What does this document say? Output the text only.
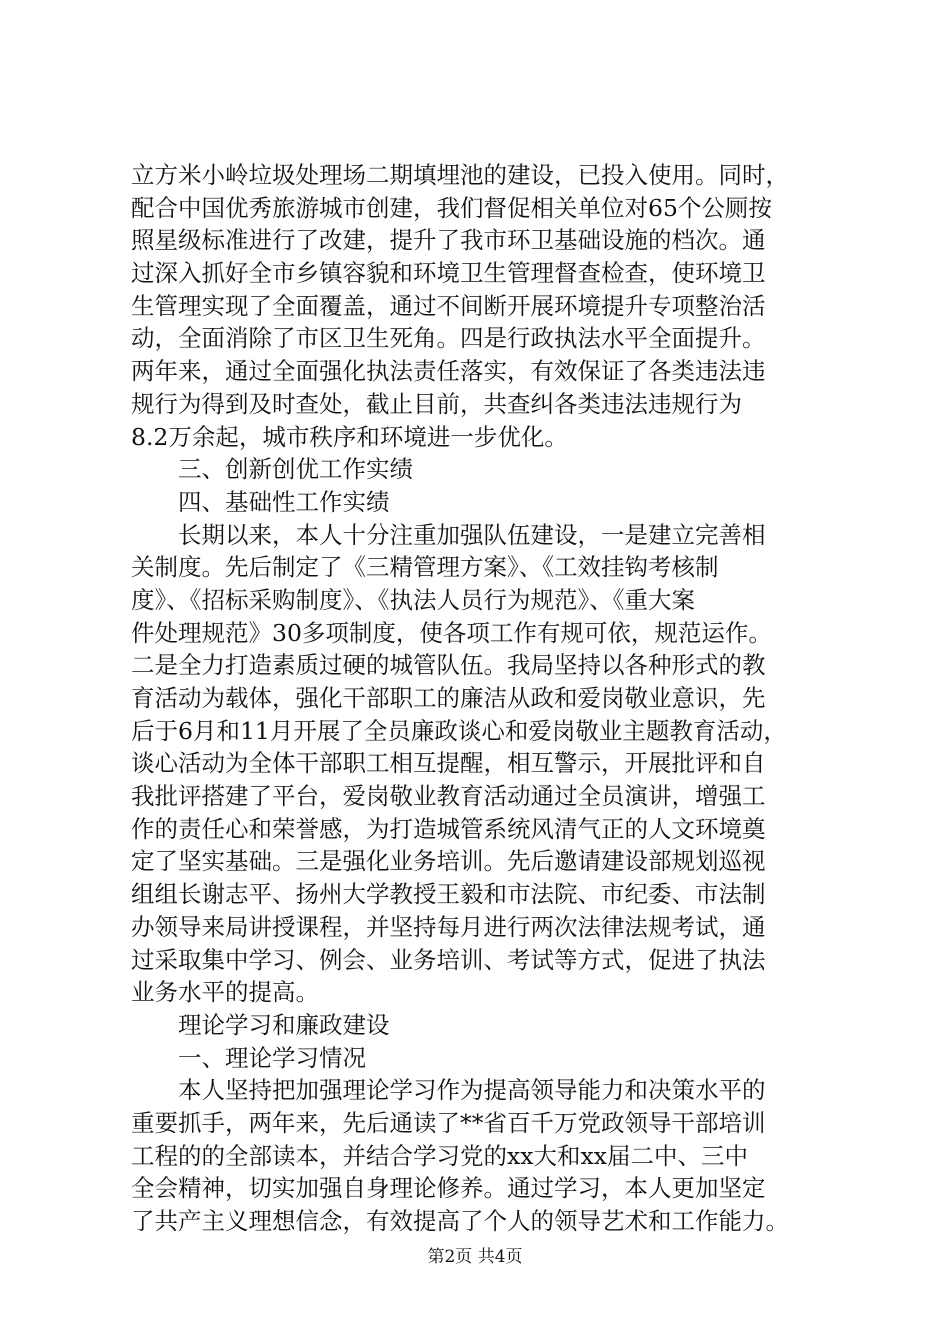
立方米小岭垃圾处理场二期填埋池的建设，已投入使用。同时，
配合中国优秀旅游城市创建，我们督促相关单位对65个公厕按
照星级标准进行了改建，提升了我市环卫基础设施的档次。通
过深入抓好全市乡镇容貌和环境卫生管理督查检查，使环境卫
生管理实现了全面覆盖，通过不间断开展环境提升专项整治活
动，全面消除了市区卫生死角。四是行政执法水平全面提升。
两年来，通过全面强化执法责任落实，有效保证了各类违法违
规行为得到及时查处，截止目前，共查纠各类违法违规行为
8.2万余起，城市秩序和环境进一步优化。
　　三、创新创优工作实绩
　　四、基础性工作实绩
　　长期以来，本人十分注重加强队伍建设，一是建立完善相
关制度。先后制定了《三精管理方案》、《工效挂钩考核制
度》、《招标采购制度》、《执法人员行为规范》、《重大案
件处理规范》30多项制度，使各项工作有规可依，规范运作。
二是全力打造素质过硬的城管队伍。我局坚持以各种形式的教
育活动为载体，强化干部职工的廉洁从政和爱岗敬业意识，先
后于6月和11月开展了全员廉政谈心和爱岗敬业主题教育活动，
谈心活动为全体干部职工相互提醒，相互警示，开展批评和自
我批评搭建了平台，爱岗敬业教育活动通过全员演讲，增强工
作的责任心和荣誉感，为打造城管系统风清气正的人文环境奠
定了坚实基础。三是强化业务培训。先后邀请建设部规划巡视
组组长谢志平、扬州大学教授王毅和市法院、市纪委、市法制
办领导来局讲授课程，并坚持每月进行两次法律法规考试，通
过采取集中学习、例会、业务培训、考试等方式，促进了执法
业务水平的提高。
　　理论学习和廉政建设
　　一、理论学习情况
　　本人坚持把加强理论学习作为提高领导能力和决策水平的
重要抓手，两年来，先后通读了**省百千万党政领导干部培训
工程的的全部读本，并结合学习党的xx大和xx届二中、三中
全会精神，切实加强自身理论修养。通过学习，本人更加坚定
了共产主义理想信念，有效提高了个人的领导艺术和工作能力。
第2页 共4页
